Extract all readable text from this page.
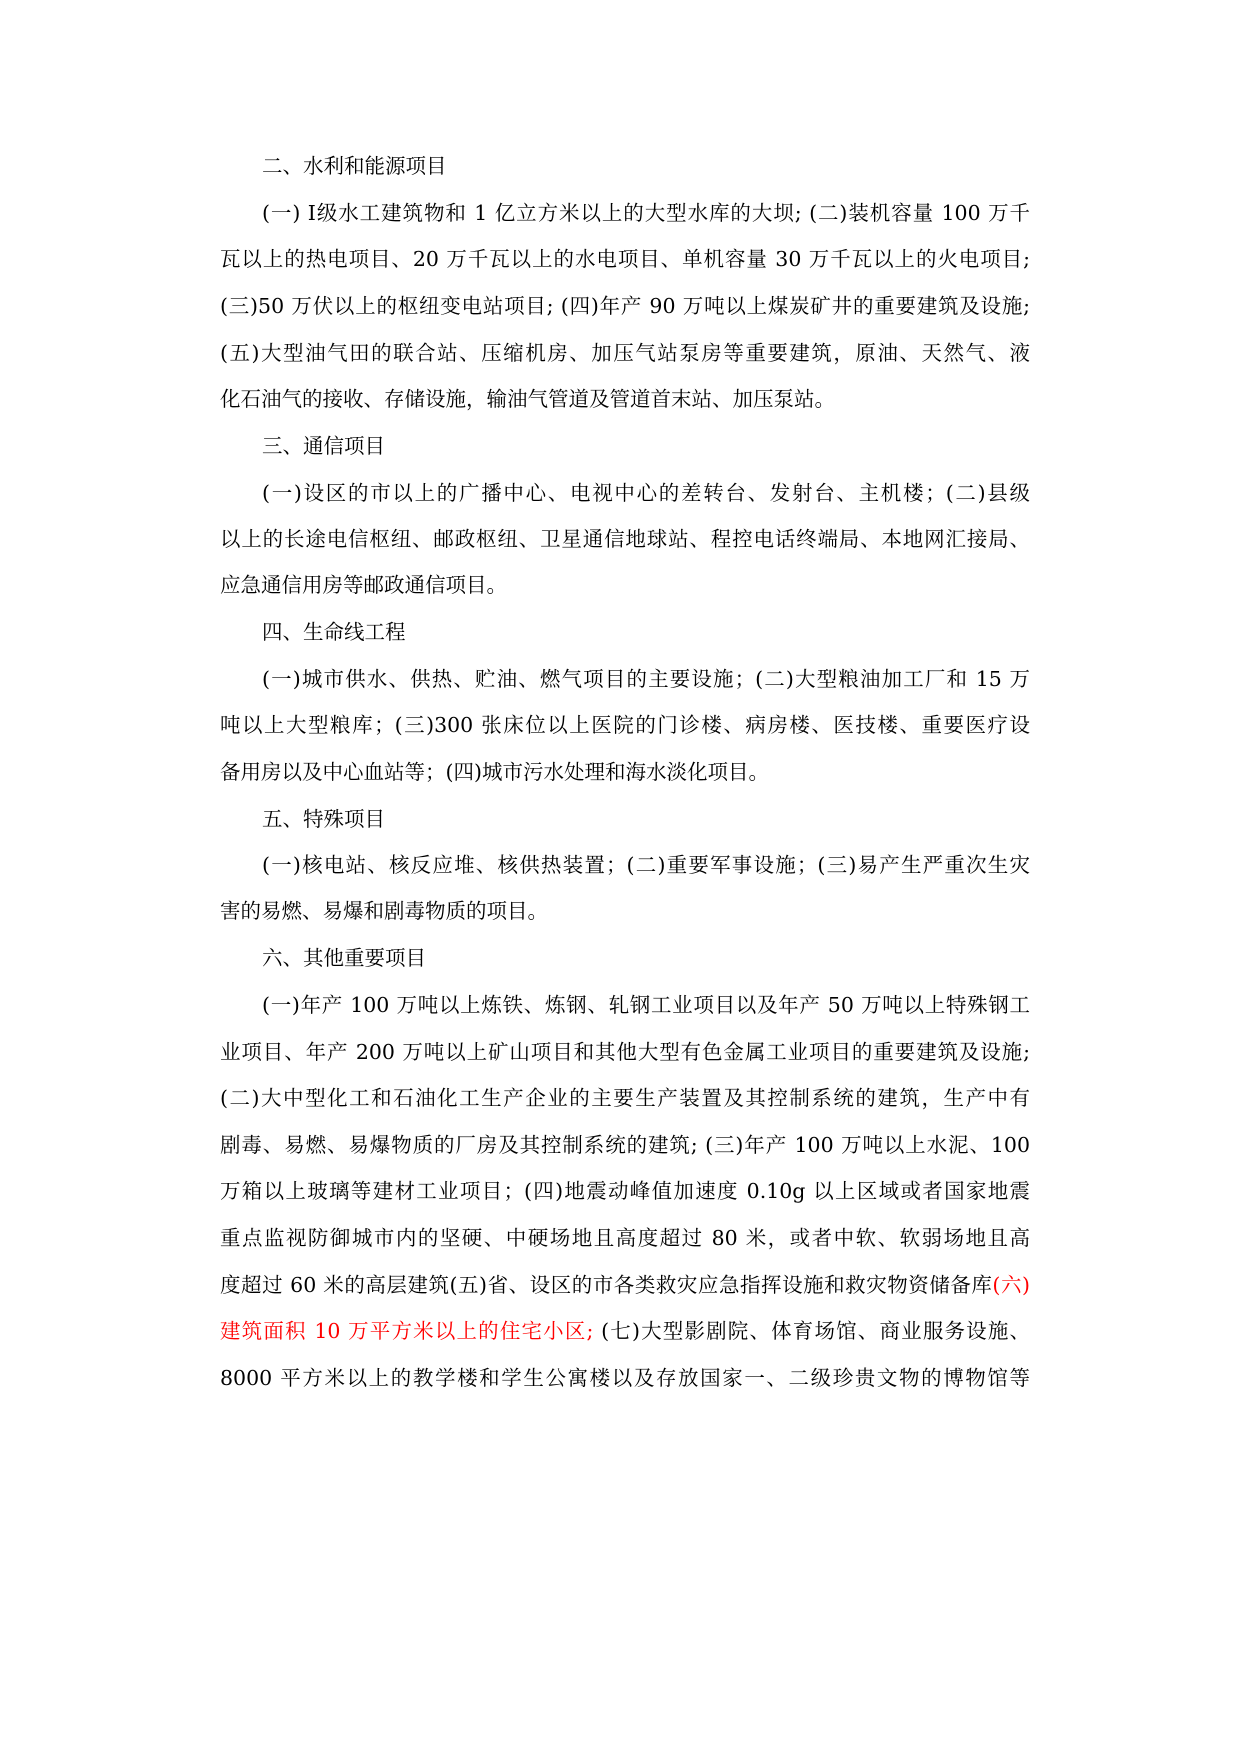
二、水利和能源项目
(一) Ⅰ级水工建筑物和 1 亿立方米以上的大型水库的大坝; (二)装机容量 100 万千
瓦以上的热电项目、20 万千瓦以上的水电项目、单机容量 30 万千瓦以上的火电项目;
(三)50 万伏以上的枢纽变电站项目; (四)年产 90 万吨以上煤炭矿井的重要建筑及设施;
(五)大型油气田的联合站、压缩机房、加压气站泵房等重要建筑，原油、天然气、液
化石油气的接收、存储设施，输油气管道及管道首末站、加压泵站。
三、通信项目
(一)设区的市以上的广播中心、电视中心的差转台、发射台、主机楼；(二)县级
以上的长途电信枢纽、邮政枢纽、卫星通信地球站、程控电话终端局、本地网汇接局、
应急通信用房等邮政通信项目。
四、生命线工程
(一)城市供水、供热、贮油、燃气项目的主要设施；(二)大型粮油加工厂和 15 万
吨以上大型粮库；(三)300 张床位以上医院的门诊楼、病房楼、医技楼、重要医疗设
备用房以及中心血站等；(四)城市污水处理和海水淡化项目。
五、特殊项目
(一)核电站、核反应堆、核供热装置；(二)重要军事设施；(三)易产生严重次生灾
害的易燃、易爆和剧毒物质的项目。
六、其他重要项目
(一)年产 100 万吨以上炼铁、炼钢、轧钢工业项目以及年产 50 万吨以上特殊钢工
业项目、年产 200 万吨以上矿山项目和其他大型有色金属工业项目的重要建筑及设施;
(二)大中型化工和石油化工生产企业的主要生产装置及其控制系统的建筑，生产中有
剧毒、易燃、易爆物质的厂房及其控制系统的建筑; (三)年产 100 万吨以上水泥、100
万箱以上玻璃等建材工业项目；(四)地震动峰值加速度 0.10g 以上区域或者国家地震
重点监视防御城市内的坚硬、中硬场地且高度超过 80 米，或者中软、软弱场地且高
度超过 60 米的高层建筑(五)省、设区的市各类救灾应急指挥设施和救灾物资储备库(六)
建筑面积 10 万平方米以上的住宅小区; (七)大型影剧院、体育场馆、商业服务设施、
8000 平方米以上的教学楼和学生公寓楼以及存放国家一、二级珍贵文物的博物馆等
